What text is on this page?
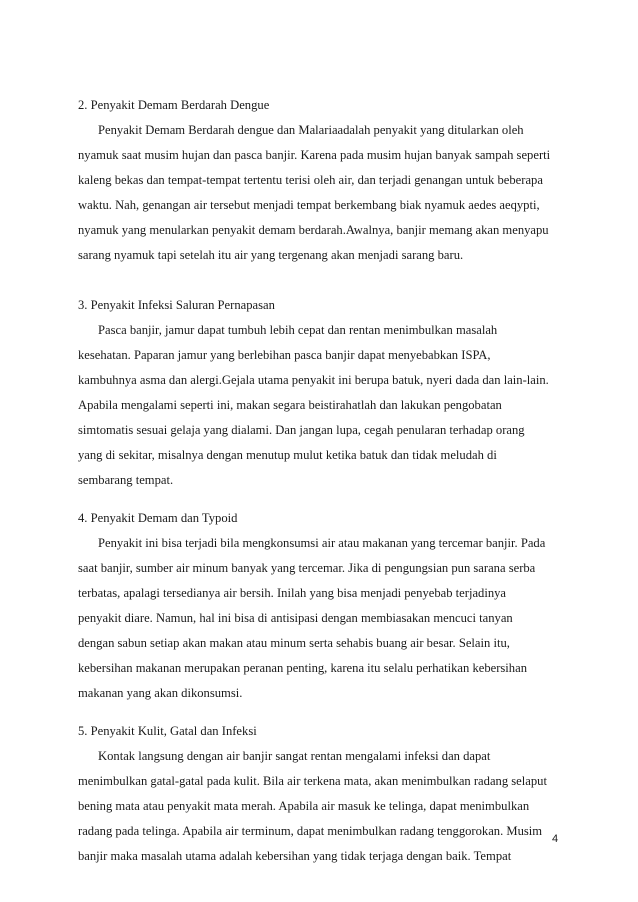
2. Penyakit Demam Berdarah Dengue
Penyakit Demam Berdarah dengue dan Malariaadalah penyakit yang ditularkan oleh
nyamuk saat musim hujan dan pasca banjir. Karena pada musim hujan banyak sampah seperti
kaleng bekas dan tempat-tempat tertentu terisi oleh air, dan terjadi genangan untuk beberapa
waktu. Nah, genangan air tersebut menjadi tempat berkembang biak nyamuk aedes aeqypti,
nyamuk yang menularkan penyakit demam berdarah.Awalnya, banjir memang akan menyapu
sarang nyamuk tapi setelah itu air yang tergenang akan menjadi sarang baru.
3. Penyakit Infeksi Saluran Pernapasan
Pasca banjir, jamur dapat tumbuh lebih cepat dan rentan menimbulkan masalah
kesehatan. Paparan jamur yang berlebihan pasca banjir dapat menyebabkan ISPA,
kambuhnya asma dan alergi.Gejala utama penyakit ini berupa batuk, nyeri dada dan lain-lain.
Apabila mengalami seperti ini, makan segara beistirahatlah dan lakukan pengobatan
simtomatis sesuai gelaja yang dialami. Dan jangan lupa, cegah penularan terhadap orang
yang di sekitar, misalnya dengan menutup mulut ketika batuk dan tidak meludah di
sembarang tempat.
4. Penyakit Demam dan Typoid
Penyakit ini bisa terjadi bila mengkonsumsi air atau makanan yang tercemar banjir. Pada
saat banjir, sumber air minum banyak yang tercemar. Jika di pengungsian pun sarana serba
terbatas, apalagi tersedianya air bersih. Inilah yang bisa menjadi penyebab terjadinya
penyakit diare. Namun, hal ini bisa di antisipasi dengan membiasakan mencuci tanyan
dengan sabun setiap akan makan atau minum serta sehabis buang air besar. Selain itu,
kebersihan makanan merupakan peranan penting, karena itu selalu perhatikan kebersihan
makanan yang akan dikonsumsi.
5. Penyakit Kulit, Gatal dan Infeksi
Kontak langsung dengan air banjir sangat rentan mengalami infeksi dan dapat
menimbulkan gatal-gatal pada kulit. Bila air terkena mata, akan menimbulkan radang selaput
bening mata atau penyakit mata merah. Apabila air masuk ke telinga, dapat menimbulkan
radang pada telinga. Apabila air terminum, dapat menimbulkan radang tenggorokan. Musim
banjir maka masalah utama adalah kebersihan yang tidak terjaga dengan baik. Tempat
4
